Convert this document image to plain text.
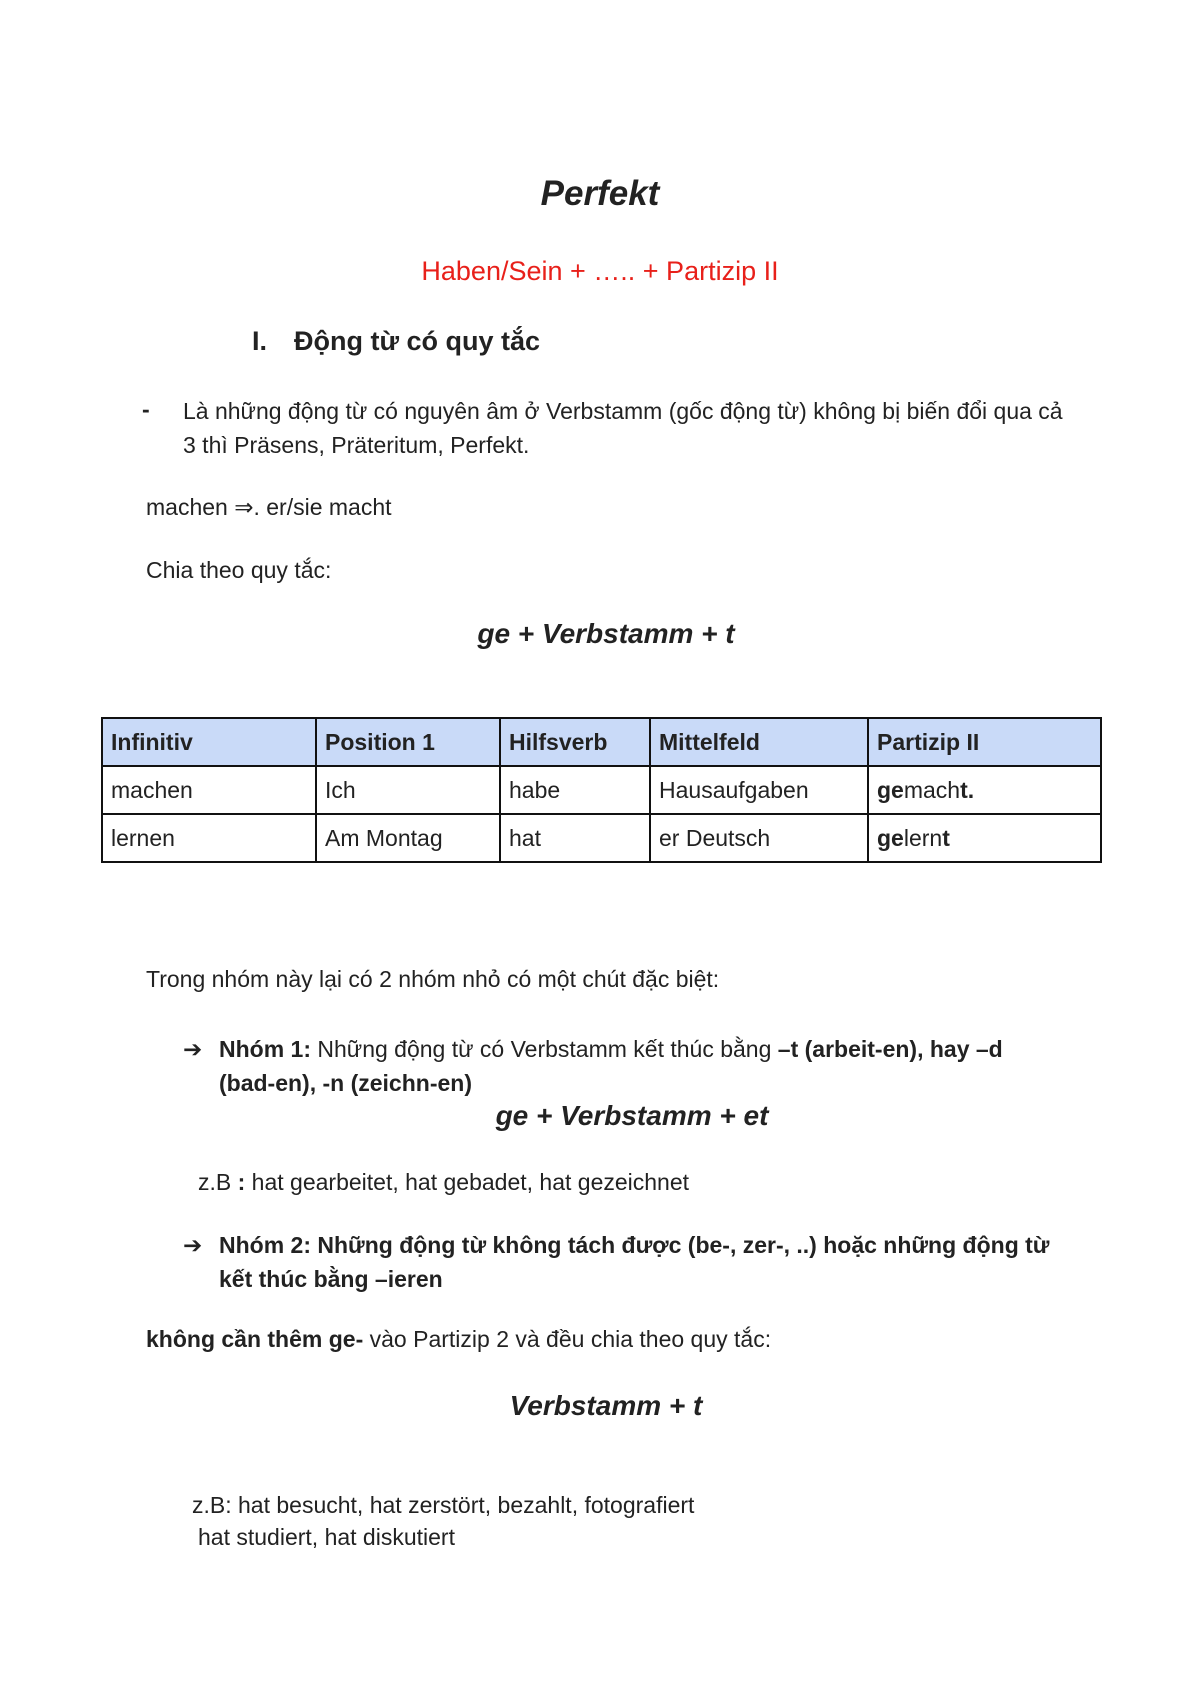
Perfekt
Haben/Sein + ….. + Partizip II
I. Động từ có quy tắc
- Là những động từ có nguyên âm ở Verbstamm (gốc động từ) không bị biến đổi qua cả 3 thì Präsens, Präteritum, Perfekt.
machen ⇒. er/sie macht
Chia theo quy tắc:
ge + Verbstamm + t
Infinitiv	Position 1	Hilfsverb	Mittelfeld	Partizip II
machen	Ich	habe	Hausaufgaben	gemacht.
lernen	Am Montag	hat	er Deutsch	gelernt
Trong nhóm này lại có 2 nhóm nhỏ có một chút đặc biệt:
➔ Nhóm 1: Những động từ có Verbstamm kết thúc bằng –t (arbeit-en), hay –d (bad-en), -n (zeichn-en)
ge + Verbstamm + et
z.B : hat gearbeitet, hat gebadet, hat gezeichnet
➔ Nhóm 2: Những động từ không tách được (be-, zer-, ..) hoặc những động từ kết thúc bằng –ieren
không cần thêm ge- vào Partizip 2 và đều chia theo quy tắc:
Verbstamm + t
z.B: hat besucht, hat zerstört, bezahlt, fotografiert
hat studiert, hat diskutiert
